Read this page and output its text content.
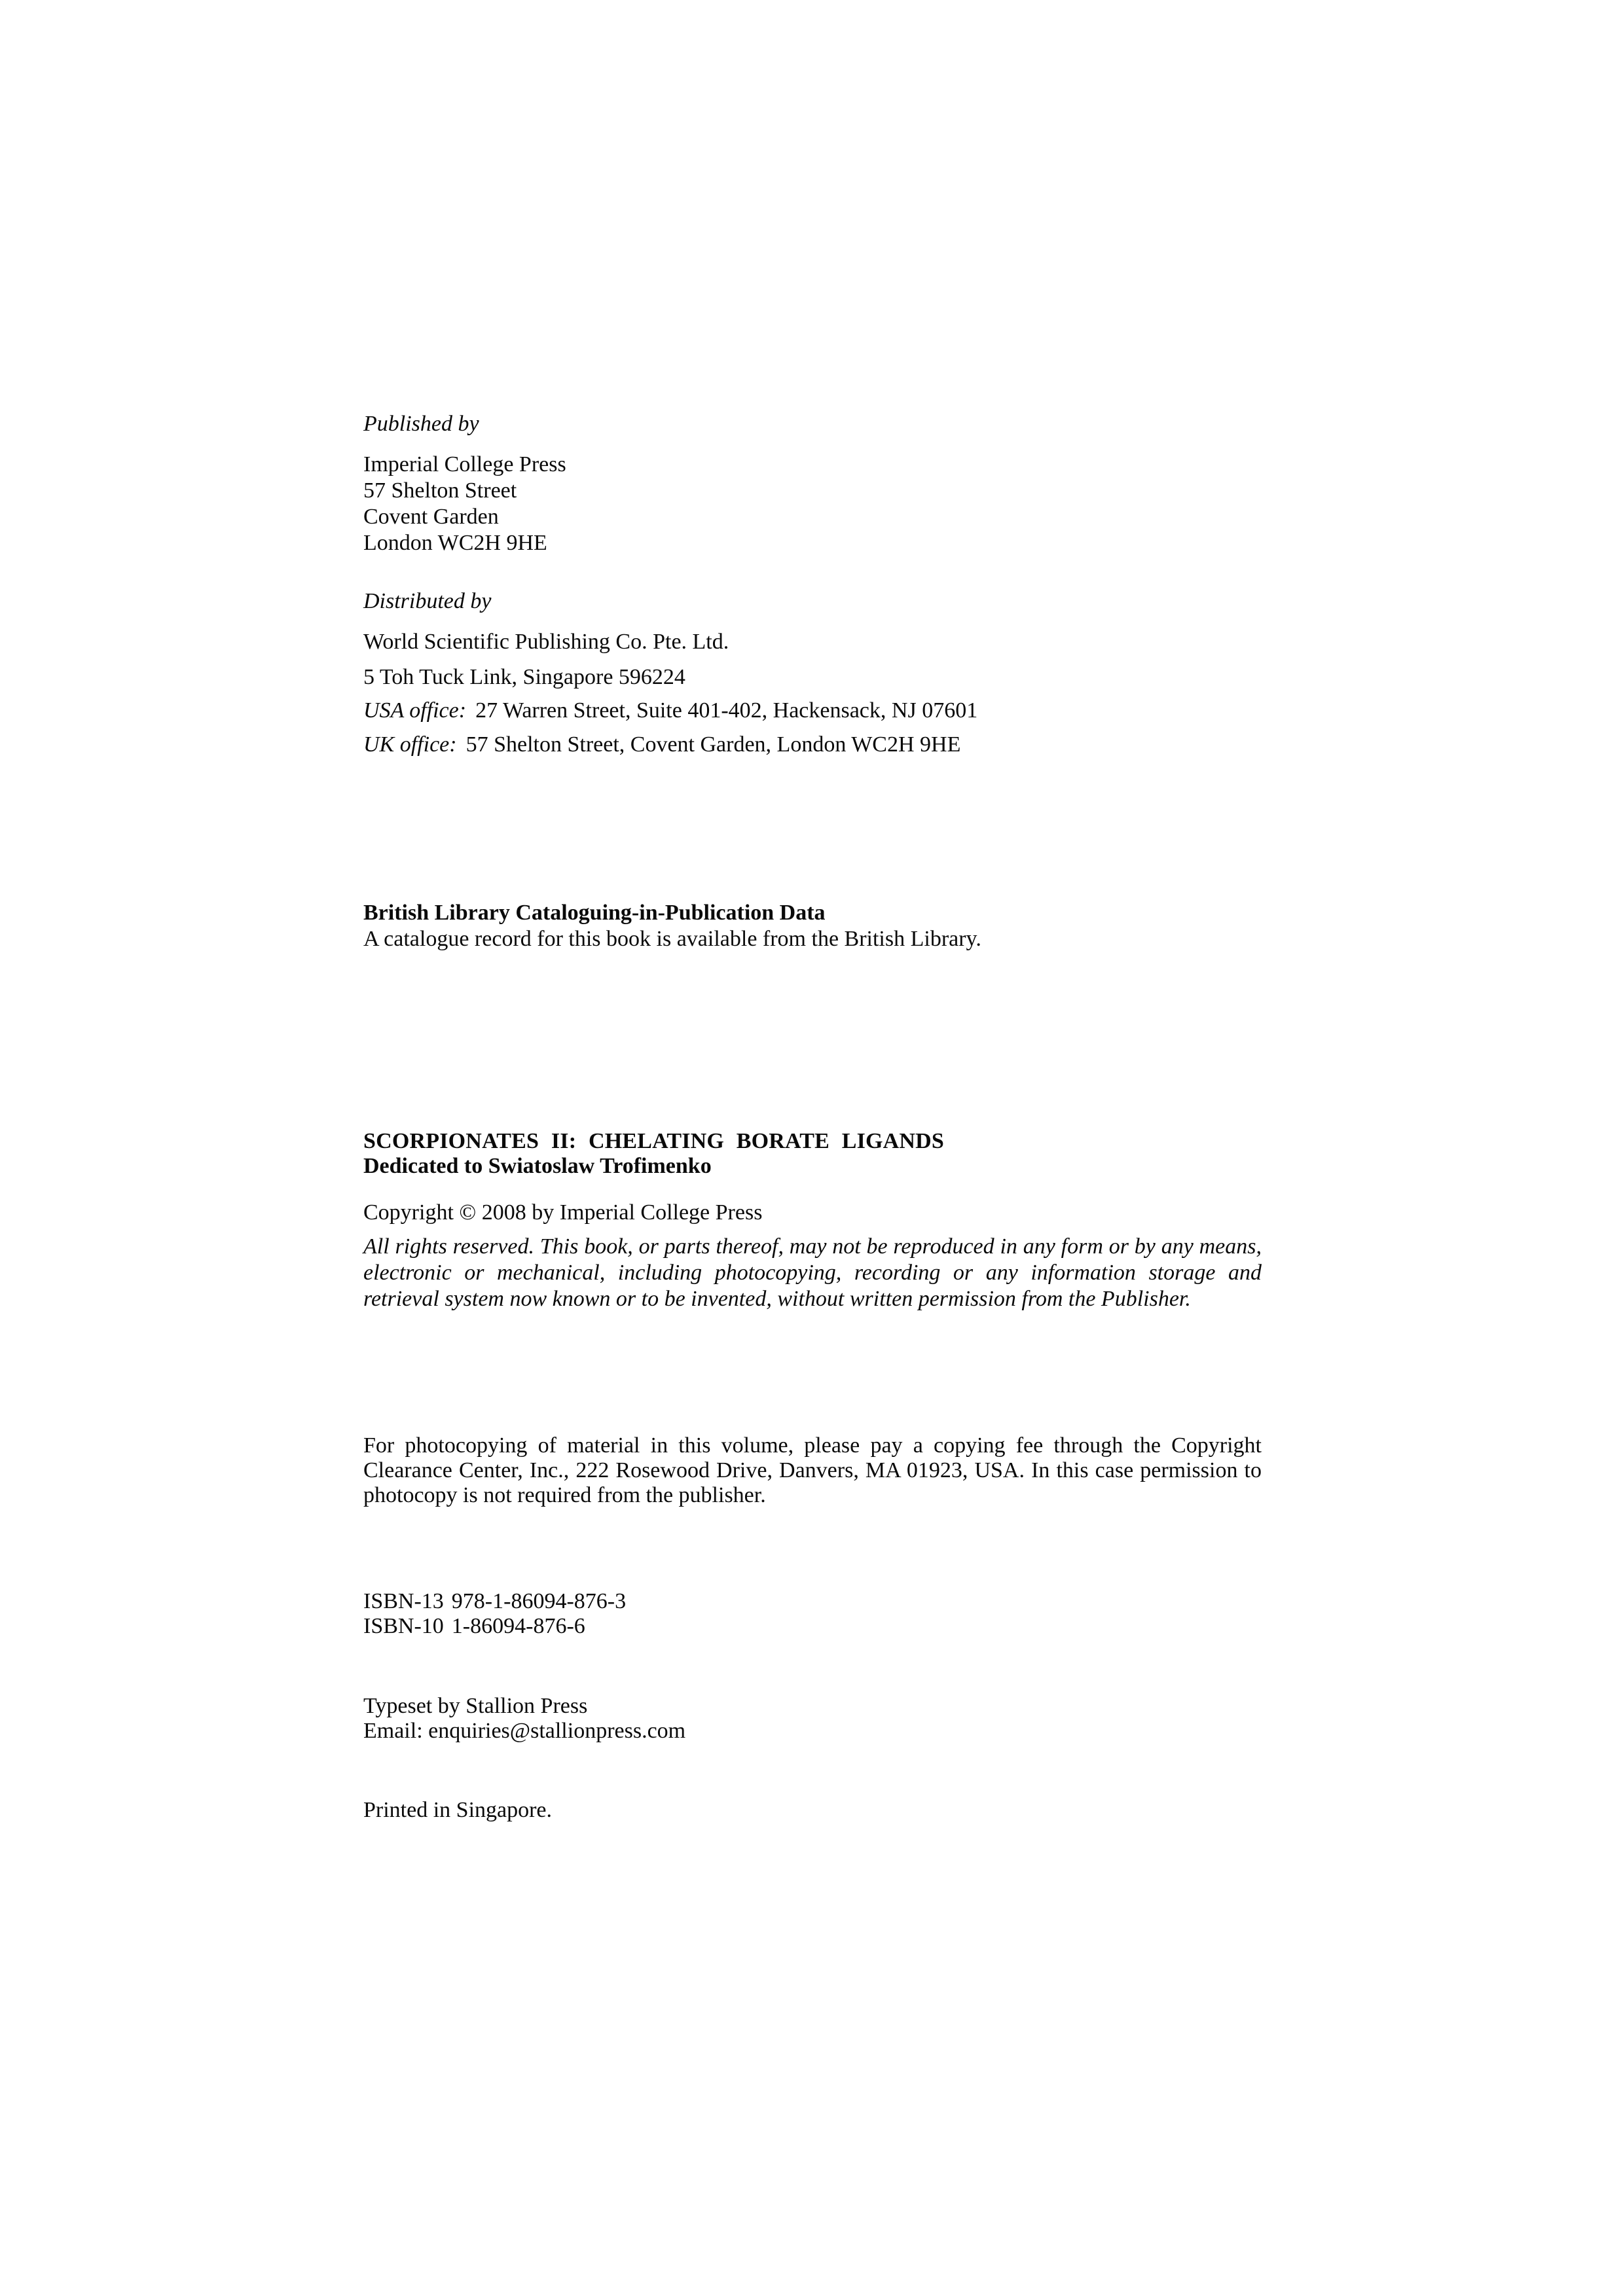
Published by
Imperial College Press
57 Shelton Street
Covent Garden
London WC2H 9HE
Distributed by
World Scientific Publishing Co. Pte. Ltd.
5 Toh Tuck Link, Singapore 596224
USA office: 27 Warren Street, Suite 401-402, Hackensack, NJ 07601
UK office: 57 Shelton Street, Covent Garden, London WC2H 9HE
British Library Cataloguing-in-Publication Data
A catalogue record for this book is available from the British Library.
SCORPIONATES II: CHELATING BORATE LIGANDS
Dedicated to Swiatoslaw Trofimenko
Copyright © 2008 by Imperial College Press
All rights reserved. This book, or parts thereof, may not be reproduced in any form or by any means, electronic or mechanical, including photocopying, recording or any information storage and retrieval system now known or to be invented, without written permission from the Publisher.
For photocopying of material in this volume, please pay a copying fee through the Copyright Clearance Center, Inc., 222 Rosewood Drive, Danvers, MA 01923, USA. In this case permission to photocopy is not required from the publisher.
ISBN-13 978-1-86094-876-3
ISBN-10 1-86094-876-6
Typeset by Stallion Press
Email: enquiries@stallionpress.com
Printed in Singapore.
